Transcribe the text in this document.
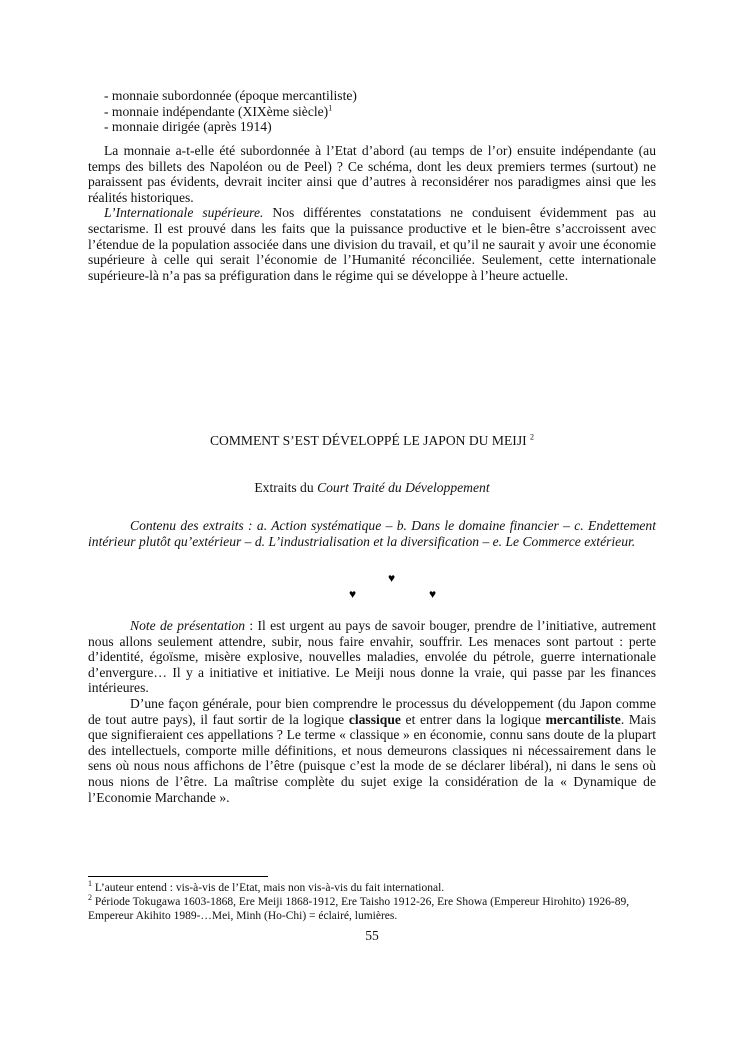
- monnaie subordonnée (époque mercantiliste)
- monnaie indépendante (XIXème siècle)$^1$
- monnaie dirigée (après 1914)

La monnaie a-t-elle été subordonnée à l’Etat d’abord (au temps de l’or) ensuite indépendante (au temps des billets des Napoléon ou de Peel) ? Ce schéma, dont les deux premiers termes (surtout) ne paraissent pas évidents, devrait inciter ainsi que d’autres à reconsidérer nos paradigmes ainsi que les réalités historiques.

L’Internationale supérieure. Nos différentes constatations ne conduisent évidemment pas au sectarisme. Il est prouvé dans les faits que la puissance productive et le bien-être s’accroissent avec l’étendue de la population associée dans une division du travail, et qu’il ne saurait y avoir une économie supérieure à celle qui serait l’économie de l’Humanité réconciliée. Seulement, cette internationale supérieure-là n’a pas sa préfiguration dans le régime qui se développe à l’heure actuelle.

COMMENT S’EST DÉVELOPPÉ LE JAPON DU MEIJI $^2$
Extraits du Court Traité du Développement

Contenu des extraits : a. Action systématique – b. Dans le domaine financier – c. Endettement intérieur plutôt qu’extérieur – d. L’industrialisation et la diversification – e. Le Commerce extérieur.

♥
♥	♥

Note de présentation : Il est urgent au pays de savoir bouger, prendre de l’initiative, autrement nous allons seulement attendre, subir, nous faire envahir, souffrir. Les menaces sont partout : perte d’identité, égoïsme, misère explosive, nouvelles maladies, envolée du pétrole, guerre internationale d’envergure… Il y a initiative et initiative. Le Meiji nous donne la vraie, qui passe par les finances intérieures.

D’une façon générale, pour bien comprendre le processus du développement (du Japon comme de tout autre pays), il faut sortir de la logique classique et entrer dans la logique mercantiliste. Mais que signifieraient ces appellations ? Le terme « classique » en économie, connu sans doute de la plupart des intellectuels, comporte mille définitions, et nous demeurons classiques ni nécessairement dans le sens où nous nous affichons de l’être (puisque c’est la mode de se déclarer libéral), ni dans le sens où nous nions de l’être. La maîtrise complète du sujet exige la considération de la « Dynamique de l’Economie Marchande ».

$^1$ L’auteur entend : vis-à-vis de l’Etat, mais non vis-à-vis du fait international.
$^2$ Période Tokugawa 1603-1868, Ere Meiji 1868-1912, Ere Taisho 1912-26, Ere Showa (Empereur Hirohito) 1926-89, Empereur Akihito 1989-…Mei, Minh (Ho-Chi) = éclairé, lumières.
55
